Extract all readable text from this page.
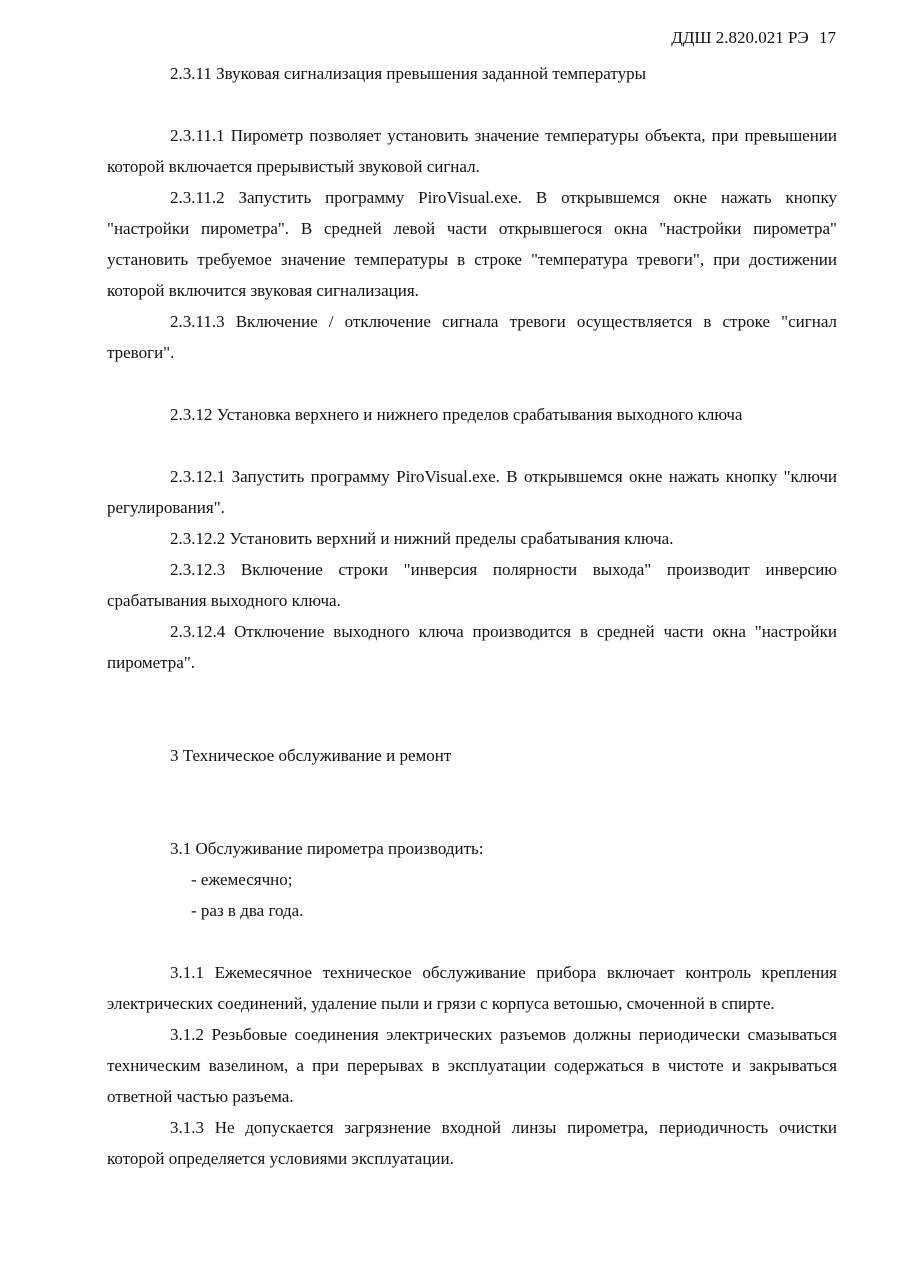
ДДШ 2.820.021 РЭ 17
2.3.11 Звуковая сигнализация превышения заданной температуры

2.3.11.1 Пирометр позволяет установить значение температуры объекта, при превышении которой включается прерывистый звуковой сигнал.

2.3.11.2 Запустить программу PiroVisual.exe. В открывшемся окне нажать кнопку "настройки пирометра". В средней левой части открывшегося окна "настройки пирометра" установить требуемое значение температуры в строке "температура тревоги", при достижении которой включится звуковая сигнализация.

2.3.11.3 Включение / отключение сигнала тревоги осуществляется в строке "сигнал тревоги".

2.3.12 Установка верхнего и нижнего пределов срабатывания выходного ключа

2.3.12.1 Запустить программу PiroVisual.exe. В открывшемся окне нажать кнопку "ключи регулирования".

2.3.12.2 Установить верхний и нижний пределы срабатывания ключа.

2.3.12.3 Включение строки "инверсия полярности выхода" производит инверсию срабатывания выходного ключа.

2.3.12.4 Отключение выходного ключа производится в средней части окна "настройки пирометра".

3 Техническое обслуживание и ремонт
3.1 Обслуживание пирометра производить:
- ежемесячно;
- раз в два года.

3.1.1 Ежемесячное техническое обслуживание прибора включает контроль крепления электрических соединений, удаление пыли и грязи с корпуса ветошью, смоченной в спирте.

3.1.2 Резьбовые соединения электрических разъемов должны периодически смазываться техническим вазелином, а при перерывах в эксплуатации содержаться в чистоте и закрываться ответной частью разъема.

3.1.3 Не допускается загрязнение входной линзы пирометра, периодичность очистки которой определяется условиями эксплуатации.
